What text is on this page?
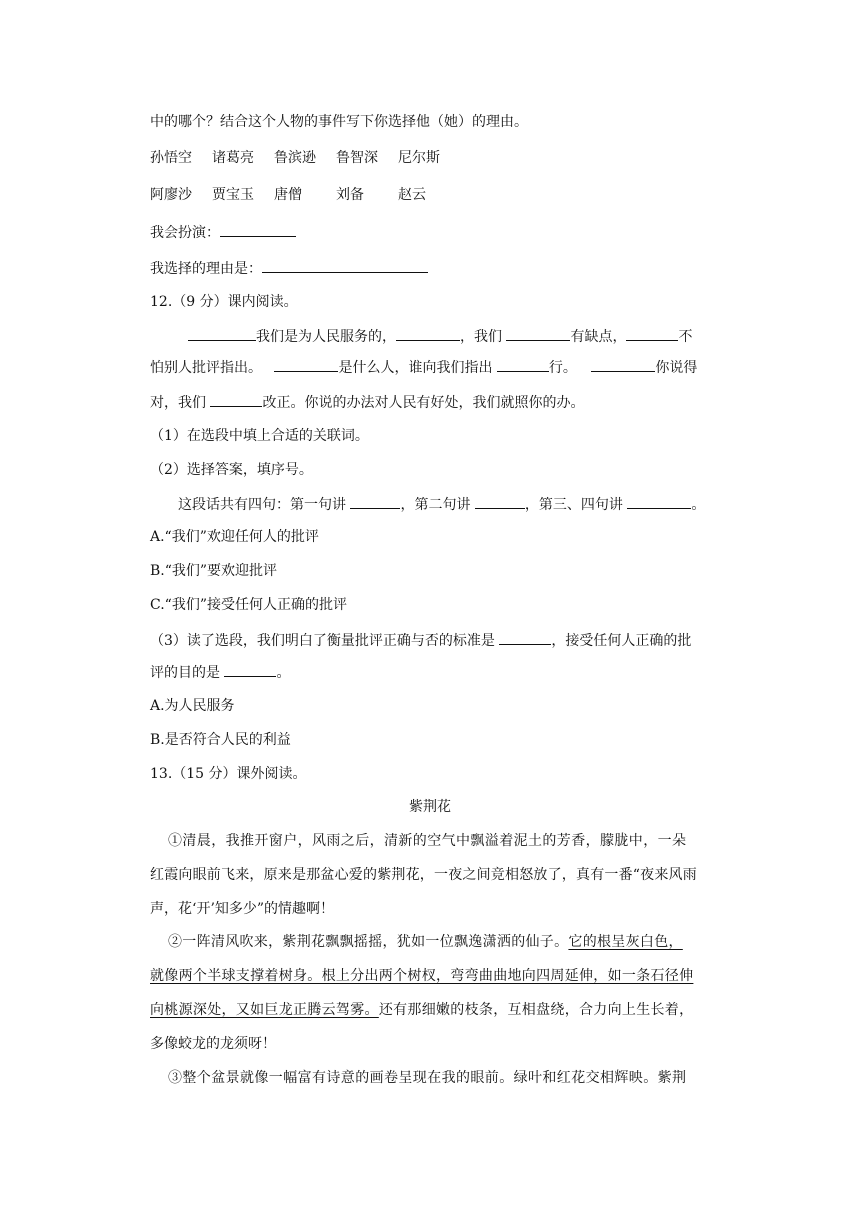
中的哪个？结合这个人物的事件写下你选择他（她）的理由。
孙悟空 诸葛亮 鲁滨逊 鲁智深 尼尔斯
阿廖沙 贾宝玉 唐僧 刘备 赵云
我会扮演：
我选择的理由是：
12.（9 分）课内阅读。
我们是为人民服务的，	，我们	有缺点，	不
怕别人批评指出。	是什么人，谁向我们指出	行。	你说得
对，我们	改正。你说的办法对人民有好处，我们就照你的办。
（1）在选段中填上合适的关联词。
（2）选择答案，填序号。
这段话共有四句：第一句讲	，第二句讲	，第三、四句讲	。
A.“我们”欢迎任何人的批评
B.“我们”要欢迎批评
C.“我们”接受任何人正确的批评
（3）读了选段，我们明白了衡量批评正确与否的标准是	，接受任何人正确的批
评的目的是	。
A.为人民服务
B.是否符合人民的利益
13.（15 分）课外阅读。
紫荆花
①清晨，我推开窗户，风雨之后，清新的空气中飘溢着泥土的芳香，朦胧中，一朵
红霞向眼前飞来，原来是那盆心爱的紫荆花，一夜之间竞相怒放了，真有一番“夜来风雨
声，花‘开’知多少”的情趣啊！
②一阵清风吹来，紫荆花飘飘摇摇，犹如一位飘逸潇洒的仙子。它的根呈灰白色，
就像两个半球支撑着树身。根上分出两个树杈，弯弯曲曲地向四周延伸，如一条石径伸
向桃源深处，又如巨龙正腾云驾雾。还有那细嫩的枝条，互相盘绕，合力向上生长着，
多像蛟龙的龙须呀！
③整个盆景就像一幅富有诗意的画卷呈现在我的眼前。绿叶和红花交相辉映。紫荆
